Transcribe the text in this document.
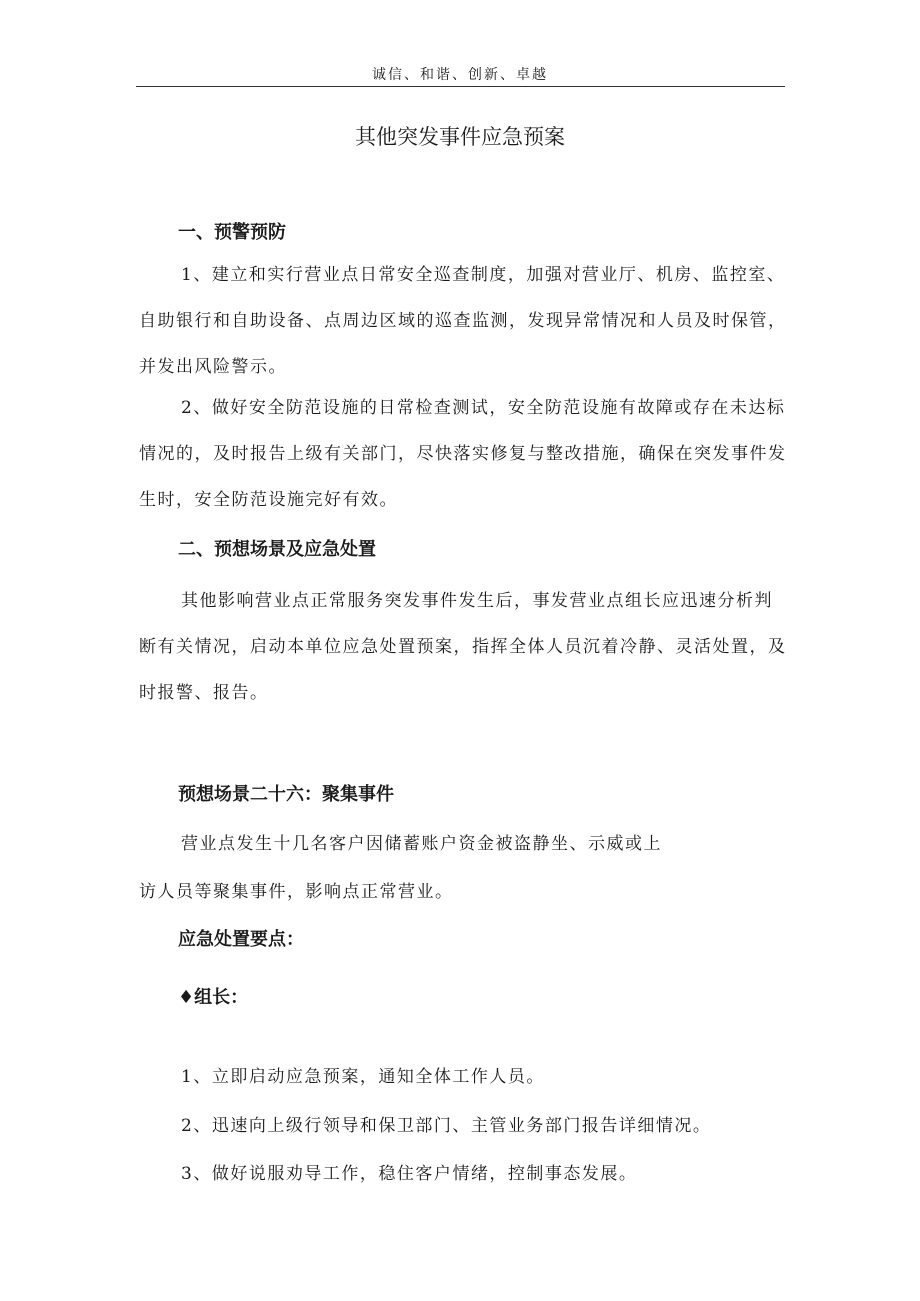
诚信、和谐、创新、卓越
其他突发事件应急预案
一、预警预防

1、建立和实行营业点日常安全巡查制度，加强对营业厅、机房、监控室、自助银行和自助设备、点周边区域的巡查监测，发现异常情况和人员及时保管，并发出风险警示。

2、做好安全防范设施的日常检查测试，安全防范设施有故障或存在未达标情况的，及时报告上级有关部门，尽快落实修复与整改措施，确保在突发事件发生时，安全防范设施完好有效。

二、预想场景及应急处置

其他影响营业点正常服务突发事件发生后，事发营业点组长应迅速分析判断有关情况，启动本单位应急处置预案，指挥全体人员沉着冷静、灵活处置，及时报警、报告。

预想场景二十六：聚集事件

营业点发生十几名客户因储蓄账户资金被盗静坐、示威或上

访人员等聚集事件，影响点正常营业。

应急处置要点：
♦组长：

1、立即启动应急预案，通知全体工作人员。

2、迅速向上级行领导和保卫部门、主管业务部门报告详细情况。

3、做好说服劝导工作，稳住客户情绪，控制事态发展。
